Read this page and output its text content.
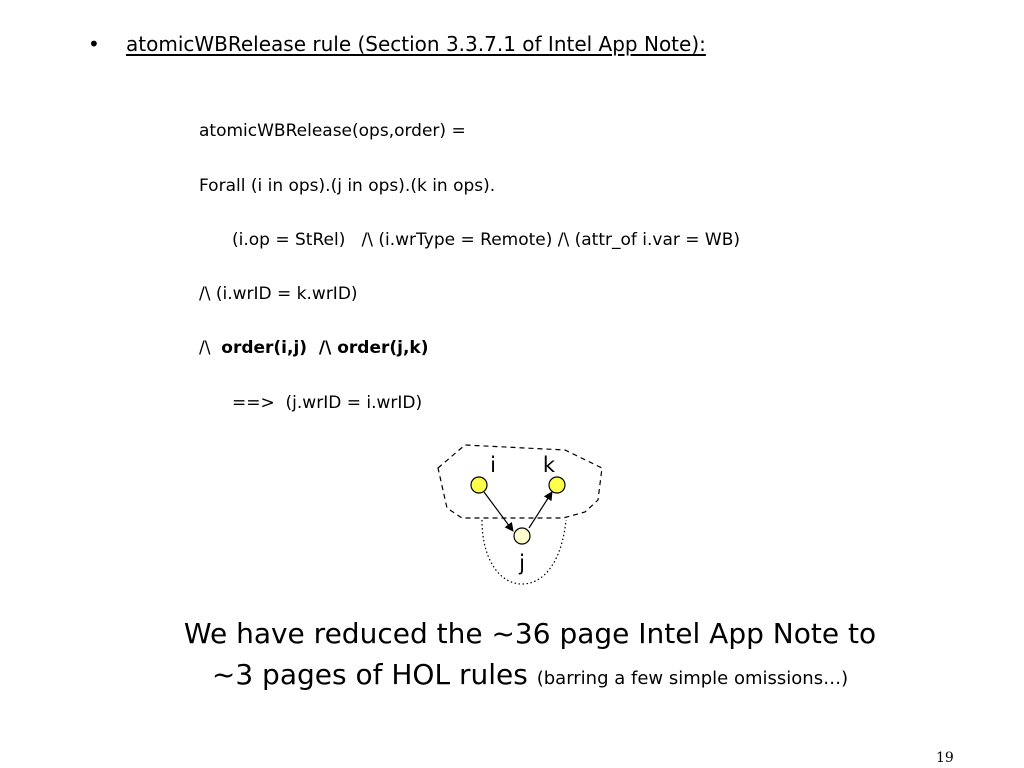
• atomicWBRelease rule (Section 3.3.7.1 of Intel App Note):
atomicWBRelease(ops,order) =
Forall (i in ops).(j in ops).(k in ops).
(i.op = StRel)   /\ (i.wrType = Remote) /\ (attr_of i.var = WB)
/\ (i.wrID = k.wrID)
/\  order(i,j)  /\ order(j,k)
==>  (j.wrID = i.wrID)
i k
j
We have reduced the ~36 page Intel App Note to
~3 pages of HOL rules (barring a few simple omissions…)
19
